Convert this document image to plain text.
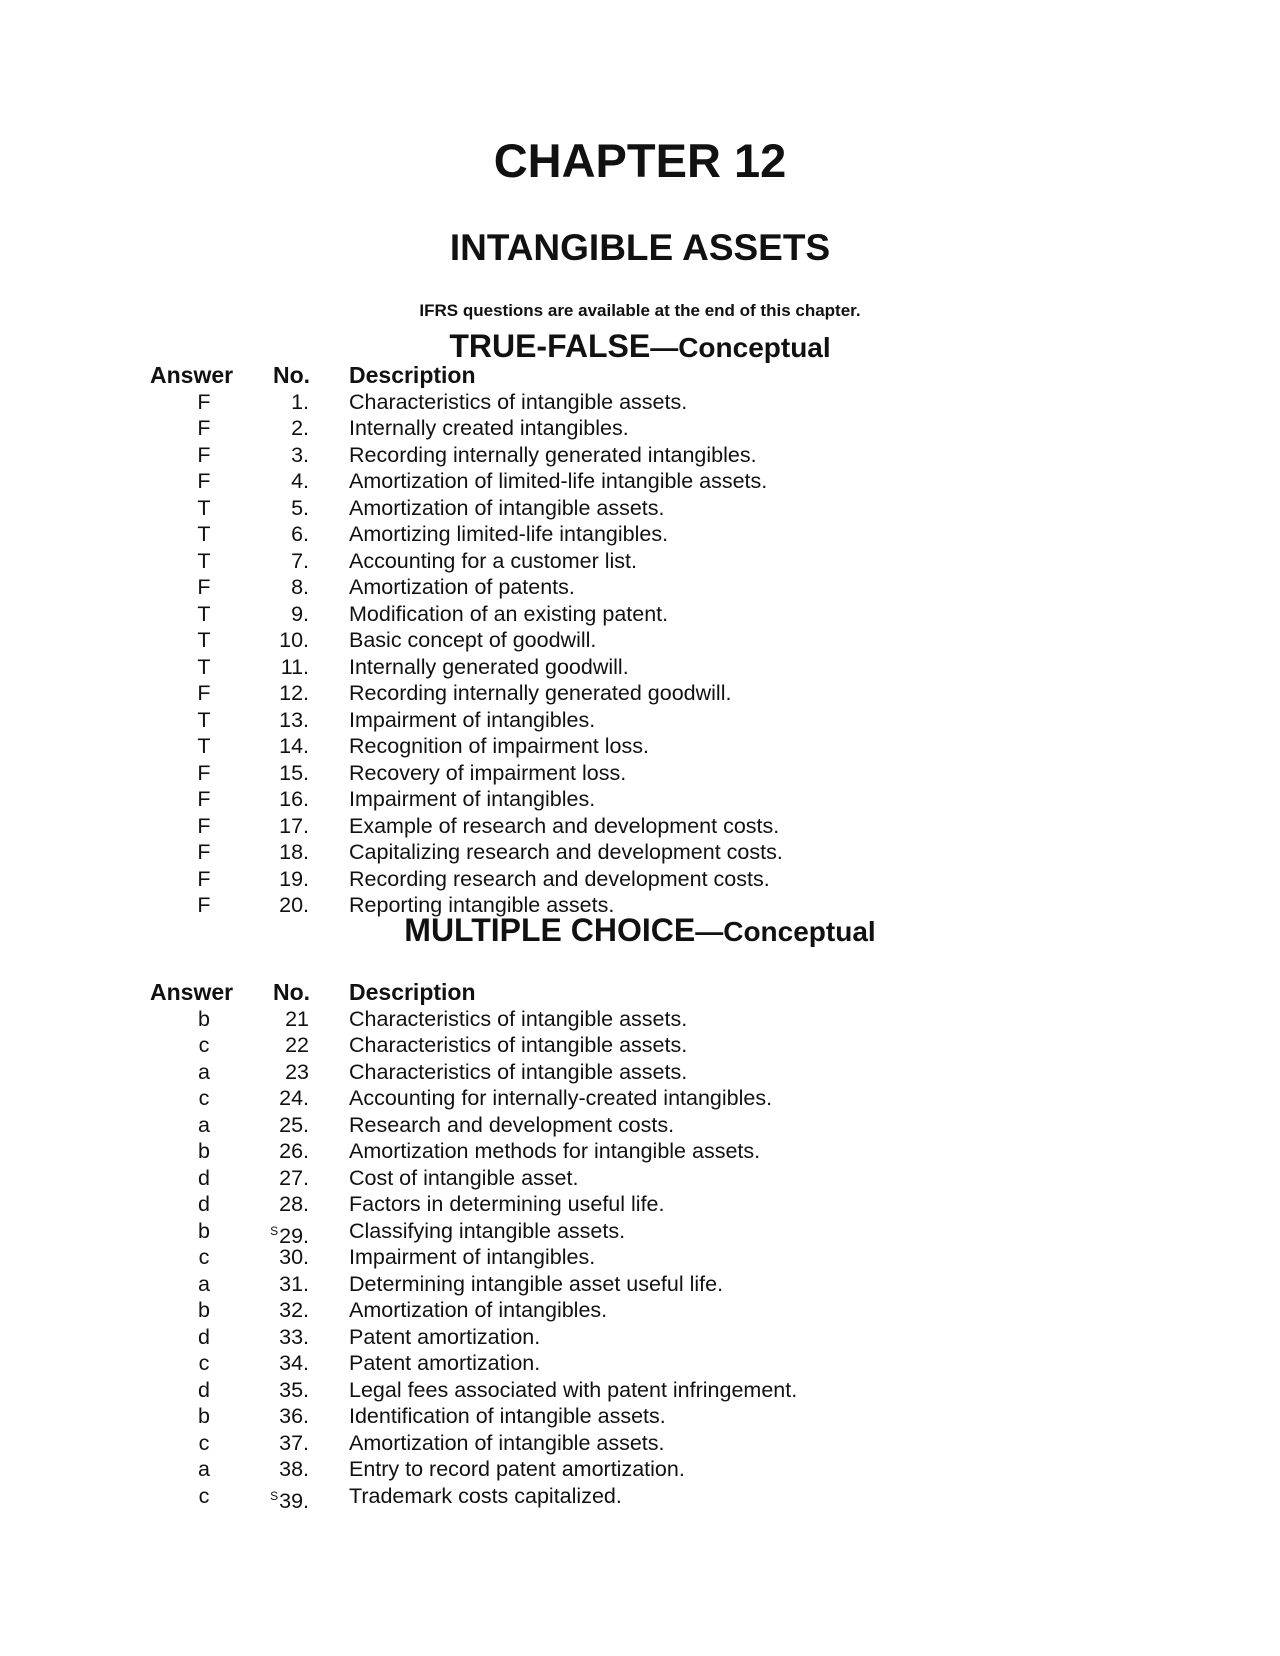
CHAPTER 12
INTANGIBLE ASSETS
IFRS questions are available at the end of this chapter.
TRUE-FALSE—Conceptual
Answer No. Description
F	1. Characteristics of intangible assets.
F	2. Internally created intangibles.
F	3. Recording internally generated intangibles.
F	4. Amortization of limited-life intangible assets.
T	5. Amortization of intangible assets.
T	6. Amortizing limited-life intangibles.
T	7. Accounting for a customer list.
F	8. Amortization of patents.
T	9. Modification of an existing patent.
T	10. Basic concept of goodwill.
T	11. Internally generated goodwill.
F	12. Recording internally generated goodwill.
T	13. Impairment of intangibles.
T	14. Recognition of impairment loss.
F	15. Recovery of impairment loss.
F	16. Impairment of intangibles.
F	17. Example of research and development costs.
F	18. Capitalizing research and development costs.
F	19. Recording research and development costs.
F	20. Reporting intangible assets.
MULTIPLE CHOICE—Conceptual
Answer No. Description
b	21 Characteristics of intangible assets.
c	22 Characteristics of intangible assets.
a	23 Characteristics of intangible assets.
c	24. Accounting for internally-created intangibles.
a	25. Research and development costs.
b	26. Amortization methods for intangible assets.
d	27. Cost of intangible asset.
d	28. Factors in determining useful life.
b	$^S$29. Classifying intangible assets.
c	30. Impairment of intangibles.
a	31. Determining intangible asset useful life.
b	32. Amortization of intangibles.
d	33. Patent amortization.
c	34. Patent amortization.
d	35. Legal fees associated with patent infringement.
b	36. Identification of intangible assets.
c	37. Amortization of intangible assets.
a	38. Entry to record patent amortization.
c	$^S$39. Trademark costs capitalized.
